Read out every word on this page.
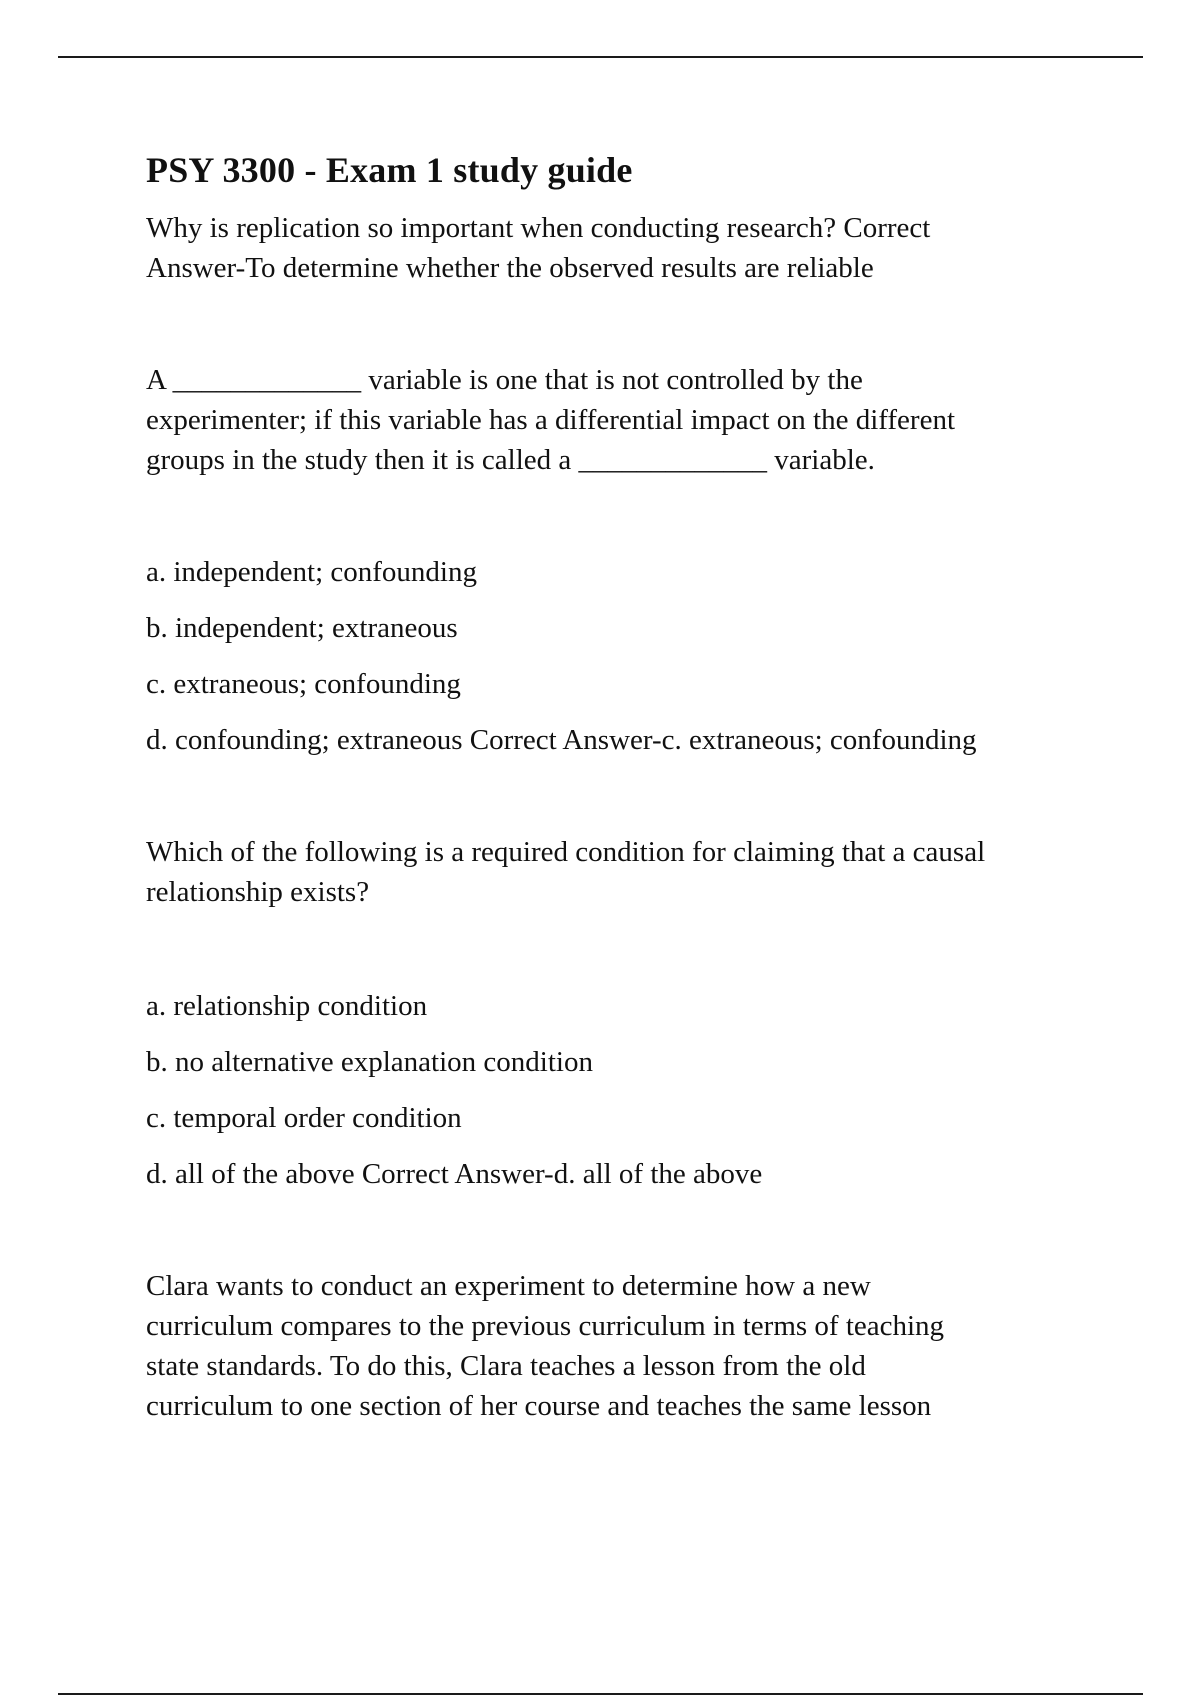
PSY 3300 - Exam 1 study guide
Why is replication so important when conducting research? Correct
Answer-To determine whether the observed results are reliable
A _____________ variable is one that is not controlled by the
experimenter; if this variable has a differential impact on the different
groups in the study then it is called a _____________ variable.

a. independent; confounding

b. independent; extraneous

c. extraneous; confounding

d. confounding; extraneous Correct Answer-c. extraneous; confounding

Which of the following is a required condition for claiming that a causal
relationship exists?

a. relationship condition

b. no alternative explanation condition

c. temporal order condition

d. all of the above Correct Answer-d. all of the above

Clara wants to conduct an experiment to determine how a new
curriculum compares to the previous curriculum in terms of teaching
state standards. To do this, Clara teaches a lesson from the old
curriculum to one section of her course and teaches the same lesson
